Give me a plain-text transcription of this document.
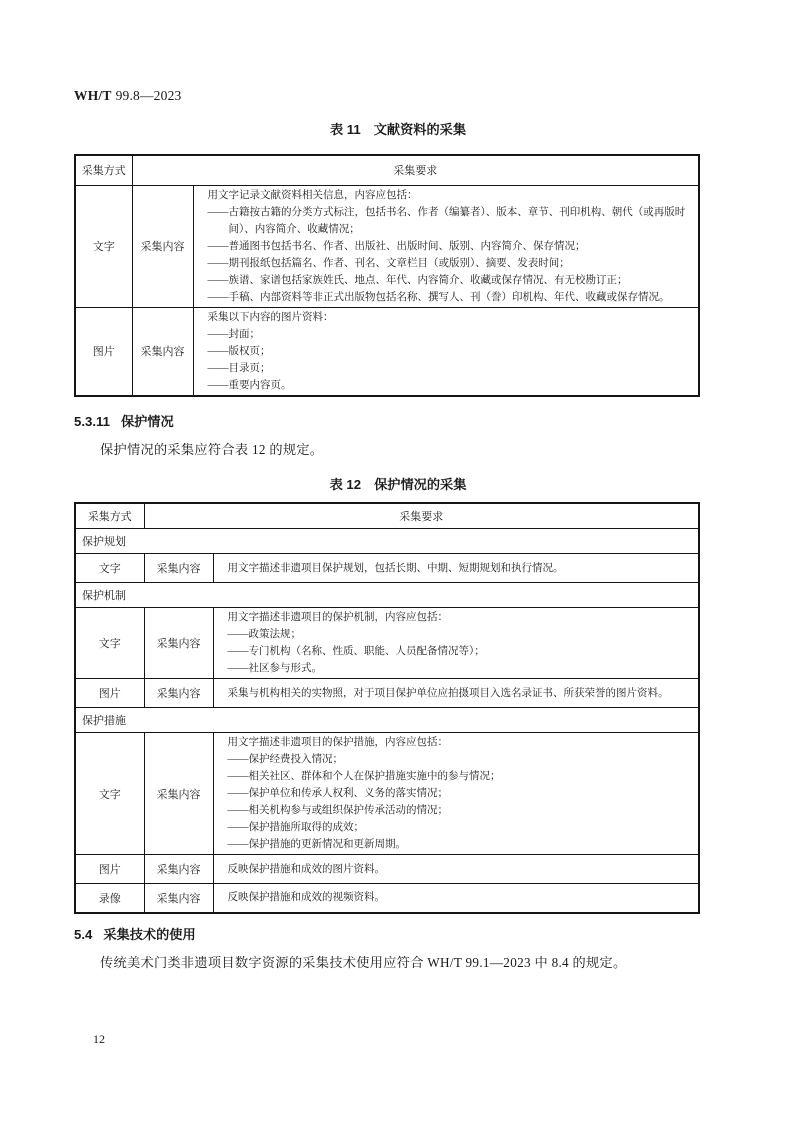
WH/T 99.8—2023
表 11 文献资料的采集
采集方式	采集要求	
文字	采集内容	
用文字记录文献资料相关信息，内容应包括：
——古籍按古籍的分类方式标注，包括书名、作者（编纂者）、版本、章节、刊印机构、朝代（或再版时间）、内容简介、收藏情况；
——普通图书包括书名、作者、出版社、出版时间、版别、内容简介、保存情况；
——期刊报纸包括篇名、作者、刊名、文章栏目（或版别）、摘要、发表时间；
——族谱、家谱包括家族姓氏、地点、年代、内容简介、收藏或保存情况、有无校勘订正；
——手稿、内部资料等非正式出版物包括名称、撰写人、刊（誊）印机构、年代、收藏或保存情况。

图片	采集内容	采集以下内容的图片资料：
——封面；
——版权页；
——目录页；
——重要内容页。
5.3.11 保护情况

保护情况的采集应符合表 12 的规定。

表 12 保护情况的采集
采集方式	采集要求	
保护规划		
文字	采集内容	用文字描述非遗项目保护规划，包括长期、中期、短期规划和执行情况。

保护机制		
文字	采集内容	用文字描述非遗项目的保护机制，内容应包括：
——政策法规；
——专门机构（名称、性质、职能、人员配备情况等）；
——社区参与形式。

图片	采集内容	采集与机构相关的实物照，对于项目保护单位应拍摄项目入选名录证书、所获荣誉的图片资料。

保护措施		
文字	采集内容	
用文字描述非遗项目的保护措施，内容应包括：
——保护经费投入情况；
——相关社区、群体和个人在保护措施实施中的参与情况；
——保护单位和传承人权利、义务的落实情况；
——相关机构参与或组织保护传承活动的情况；
——保护措施所取得的成效；
——保护措施的更新情况和更新周期。

图片	采集内容	反映保护措施和成效的图片资料。

录像	采集内容	反映保护措施和成效的视频资料。
5.4 采集技术的使用

传统美术门类非遗项目数字资源的采集技术使用应符合 WH/T 99.1—2023 中 8.4 的规定。

12
